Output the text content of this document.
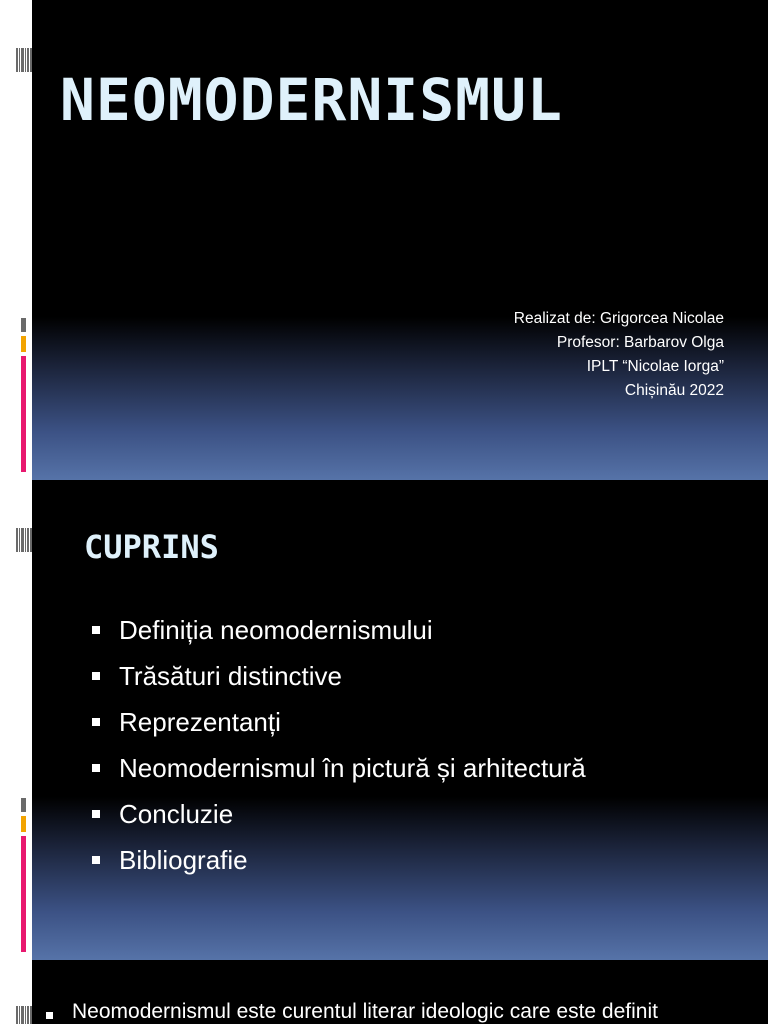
NEOMODERNISMUL
Realizat de: Grigorcea Nicolae
Profesor: Barbarov Olga
IPLT “Nicolae Iorga”
Chișinău 2022
CUPRINS
Definiția neomodernismului
Trăsături distinctive
Reprezentanți
Neomodernismul în pictură și arhitectură
Concluzie
Bibliografie
Neomodernismul este curentul literar ideologic care este definit
